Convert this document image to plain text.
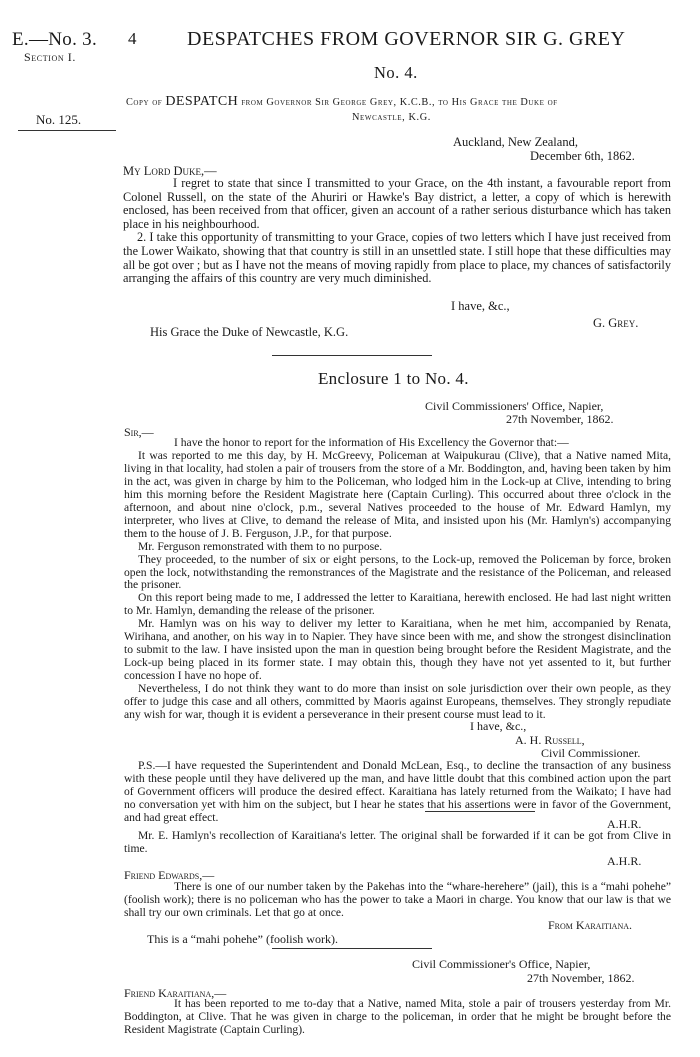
E.—No. 3.
Section I.
4	DESPATCHES FROM GOVERNOR SIR G. GREY
No. 4.
Copy of DESPATCH from Governor Sir George Grey, K.C.B., to His Grace the Duke of
Newcastle, K.G.
No. 125.
Auckland, New Zealand,
December 6th, 1862.
My Lord Duke,—

I regret to state that since I transmitted to your Grace, on the 4th instant, a favourable report from Colonel Russell, on the state of the Ahuriri or Hawke's Bay district, a letter, a copy of which is herewith enclosed, has been received from that officer, given an account of a rather serious disturbance which has taken place in his neighbourhood.

2. I take this opportunity of transmitting to your Grace, copies of two letters which I have just received from the Lower Waikato, showing that that country is still in an unsettled state. I still hope that these difficulties may all be got over ; but as I have not the means of moving rapidly from place to place, my chances of satisfactorily arranging the affairs of this country are very much diminished.

I have, &c.,
G. Grey.
His Grace the Duke of Newcastle, K.G.
Enclosure 1 to No. 4.
Civil Commissioners' Office, Napier,
27th November, 1862.
Sir,—

I have the honor to report for the information of His Excellency the Governor that:—

It was reported to me this day, by H. McGreevy, Policeman at Waipukurau (Clive), that a Native named Mita, living in that locality, had stolen a pair of trousers from the store of a Mr. Boddington, and, having been taken by him in the act, was given in charge by him to the Policeman, who lodged him in the Lock-up at Clive, intending to bring him this morning before the Resident Magistrate here (Captain Curling). This occurred about three o'clock in the afternoon, and about nine o'clock, p.m., several Natives proceeded to the house of Mr. Edward Hamlyn, my interpreter, who lives at Clive, to demand the release of Mita, and insisted upon his (Mr. Hamlyn's) accompanying them to the house of J. B. Ferguson, J.P., for that purpose.

Mr. Ferguson remonstrated with them to no purpose.

They proceeded, to the number of six or eight persons, to the Lock-up, removed the Policeman by force, broken open the lock, notwithstanding the remonstrances of the Magistrate and the resistance of the Policeman, and released the prisoner.

On this report being made to me, I addressed the letter to Karaitiana, herewith enclosed. He had last night written to Mr. Hamlyn, demanding the release of the prisoner.

Mr. Hamlyn was on his way to deliver my letter to Karaitiana, when he met him, accompanied by Renata, Wirihana, and another, on his way in to Napier. They have since been with me, and show the strongest disinclination to submit to the law. I have insisted upon the man in question being brought before the Resident Magistrate, and the Lock-up being placed in its former state. I may obtain this, though they have not yet assented to it, but further concession I have no hope of.

Nevertheless, I do not think they want to do more than insist on sole jurisdiction over their own people, as they offer to judge this case and all others, committed by Maoris against Europeans, themselves. They strongly repudiate any wish for war, though it is evident a perseverance in their present course must lead to it.

I have, &c.,
A. H. Russell,
Civil Commissioner.

P.S.—I have requested the Superintendent and Donald McLean, Esq., to decline the transaction of any business with these people until they have delivered up the man, and have little doubt that this combined action upon the part of Government officers will produce the desired effect. Karaitiana has lately returned from the Waikato; I have had no conversation yet with him on the subject, but I hear he states that his assertions were in favor of the Government, and had great effect.	A.H.R.

Mr. E. Hamlyn's recollection of Karaitiana's letter. The original shall be forwarded if it can be got from Clive in time.

A.H.R.
Friend Edwards,—

There is one of our number taken by the Pakehas into the “whare-herehere” (jail), this is a “mahi pohehe” (foolish work); there is no policeman who has the power to take a Maori in charge. You know that our law is that we shall try our own criminals. Let that go at once.

From Karaitiana.
This is a “mahi pohehe” (foolish work).
Civil Commissioner's Office, Napier,
27th November, 1862.
Friend Karaitiana,—

It has been reported to me to-day that a Native, named Mita, stole a pair of trousers yesterday from Mr. Boddington, at Clive. That he was given in charge to the policeman, in order that he might be brought before the Resident Magistrate (Captain Curling).
